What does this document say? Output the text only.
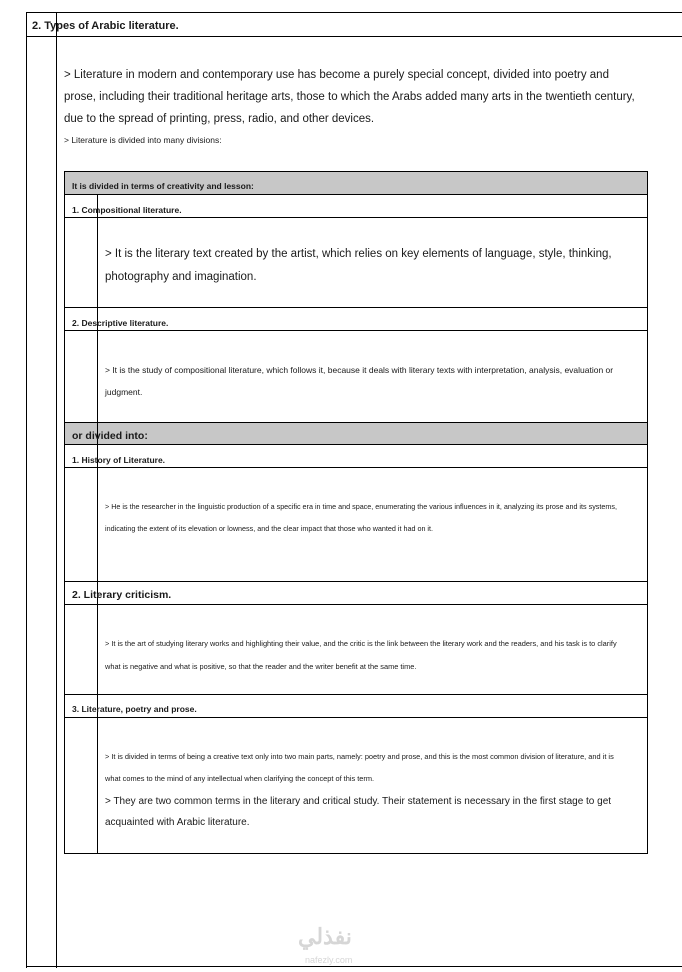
2. Types of Arabic literature.
> Literature in modern and contemporary use has become a purely special concept, divided into poetry and prose, including their traditional heritage arts, those to which the Arabs added many arts in the twentieth century, due to the spread of printing, press, radio, and other devices.
> Literature is divided into many divisions:
It is divided in terms of creativity and lesson:
1. Compositional literature.
> It is the literary text created by the artist, which relies on key elements of language, style, thinking, photography and imagination.
2. Descriptive literature.
> It is the study of compositional literature, which follows it, because it deals with literary texts with interpretation, analysis, evaluation or judgment.
or divided into:
1. History of Literature.
> He is the researcher in the linguistic production of a specific era in time and space, enumerating the various influences in it, analyzing its prose and its systems, indicating the extent of its elevation or lowness, and the clear impact that those who wanted it had on it.
2. Literary criticism.
> It is the art of studying literary works and highlighting their value, and the critic is the link between the literary work and the readers, and his task is to clarify what is negative and what is positive, so that the reader and the writer benefit at the same time.
3. Literature, poetry and prose.
> It is divided in terms of being a creative text only into two main parts, namely: poetry and prose, and this is the most common division of literature, and it is what comes to the mind of any intellectual when clarifying the concept of this term.
> They are two common terms in the literary and critical study. Their statement is necessary in the first stage to get acquainted with Arabic literature.
نفذلي
nafezly.com
